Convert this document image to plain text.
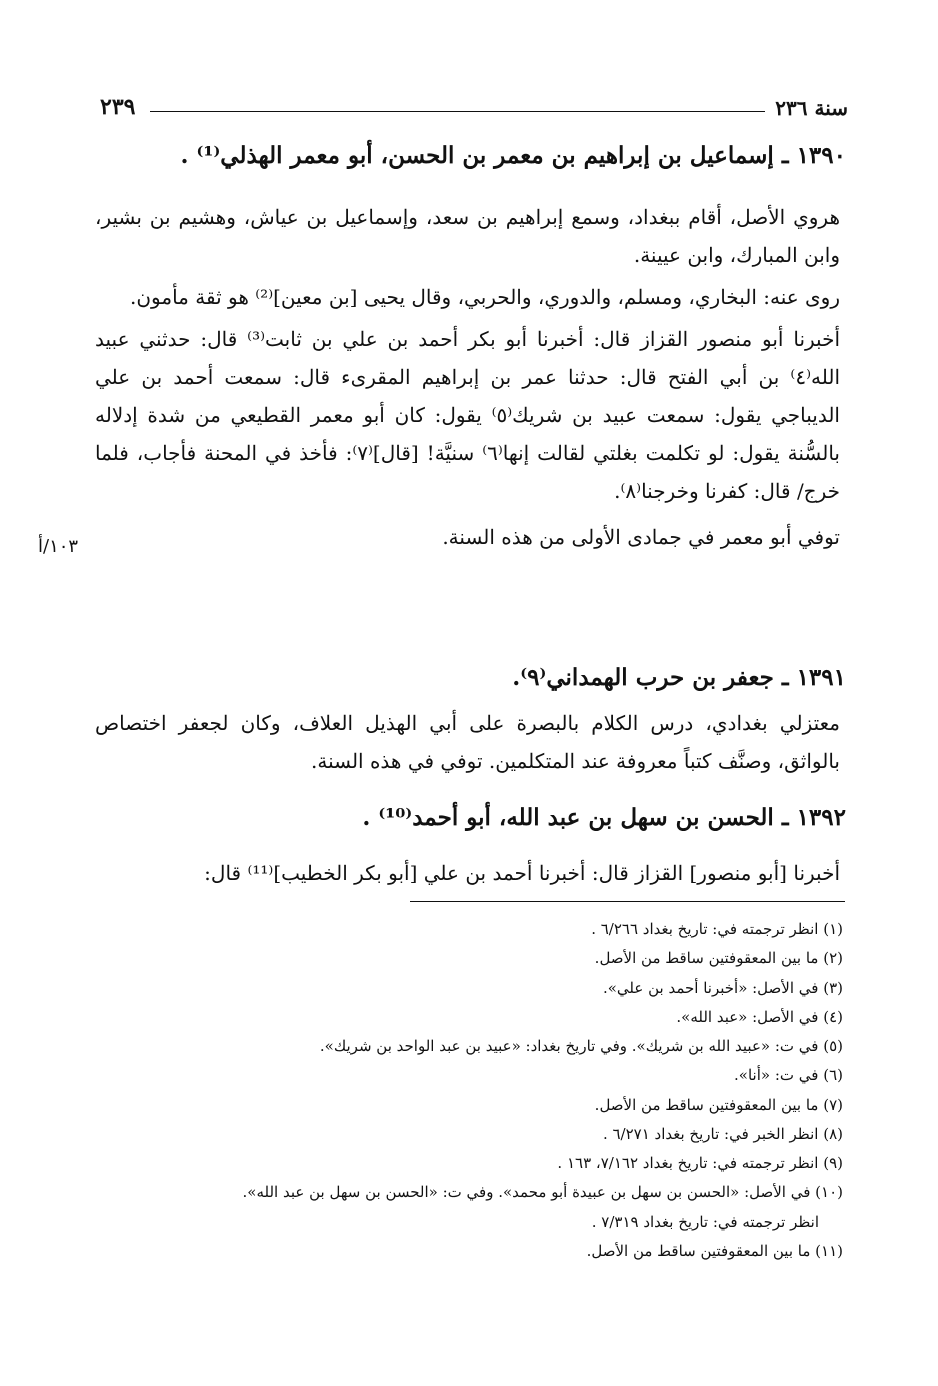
سنة ٢٣٦
٢٣٩
١٣٩٠ ـ إسماعيل بن إبراهيم بن معمر بن الحسن، أبو معمر الهذلي⁽¹⁾ .

هروي الأصل، أقام ببغداد، وسمع إبراهيم بن سعد، وإسماعيل بن عياش، وهشيم بن بشير، وابن المبارك، وابن عيينة.

روى عنه: البخاري، ومسلم، والدوري، والحربي، وقال يحيى [بن معين]⁽²⁾ هو ثقة مأمون.

أخبرنا أبو منصور القزاز قال: أخبرنا أبو بكر أحمد بن علي بن ثابت⁽³⁾ قال: حدثني عبيد الله⁽٤⁾ بن أبي الفتح قال: حدثنا عمر بن إبراهيم المقرىء قال: سمعت أحمد بن علي الديباجي يقول: سمعت عبيد بن شريك⁽٥⁾ يقول: كان أبو معمر القطيعي من شدة إدلاله بالسُّنة يقول: لو تكلمت بغلتي لقالت إنها⁽٦⁾ سنيَّة! [قال]⁽٧⁾: فأخذ في المحنة فأجاب، فلما خرج/ قال: كفرنا وخرجنا⁽٨⁾.

توفي أبو معمر في جمادى الأولى من هذه السنة.

١٠٣/أ
١٣٩١ ـ جعفر بن حرب الهمداني⁽٩⁾.
معتزلي بغدادي، درس الكلام بالبصرة على أبي الهذيل العلاف، وكان لجعفر اختصاص بالواثق، وصنَّف كتباً معروفة عند المتكلمين. توفي في هذه السنة.
١٣٩٢ ـ الحسن بن سهل بن عبد الله، أبو أحمد⁽¹⁰⁾ .
أخبرنا [أبو منصور] القزاز قال: أخبرنا أحمد بن علي [أبو بكر الخطيب]⁽¹¹⁾ قال:
(١) انظر ترجمته في: تاريخ بغداد ٦/٢٦٦ .
(٢) ما بين المعقوفتين ساقط من الأصل.
(٣) في الأصل: «أخبرنا أحمد بن علي».
(٤) في الأصل: «عبد الله».
(٥) في ت: «عبيد الله بن شريك». وفي تاريخ بغداد: «عبيد بن عبد الواحد بن شريك».
(٦) في ت: «أنا».
(٧) ما بين المعقوفتين ساقط من الأصل.
(٨) انظر الخبر في: تاريخ بغداد ٦/٢٧١ .
(٩) انظر ترجمته في: تاريخ بغداد ٧/١٦٢، ١٦٣ .
(١٠) في الأصل: «الحسن بن سهل بن عبيدة أبو محمد». وفي ت: «الحسن بن سهل بن عبد الله».
انظر ترجمته في: تاريخ بغداد ٧/٣١٩ .
(١١) ما بين المعقوفتين ساقط من الأصل.
